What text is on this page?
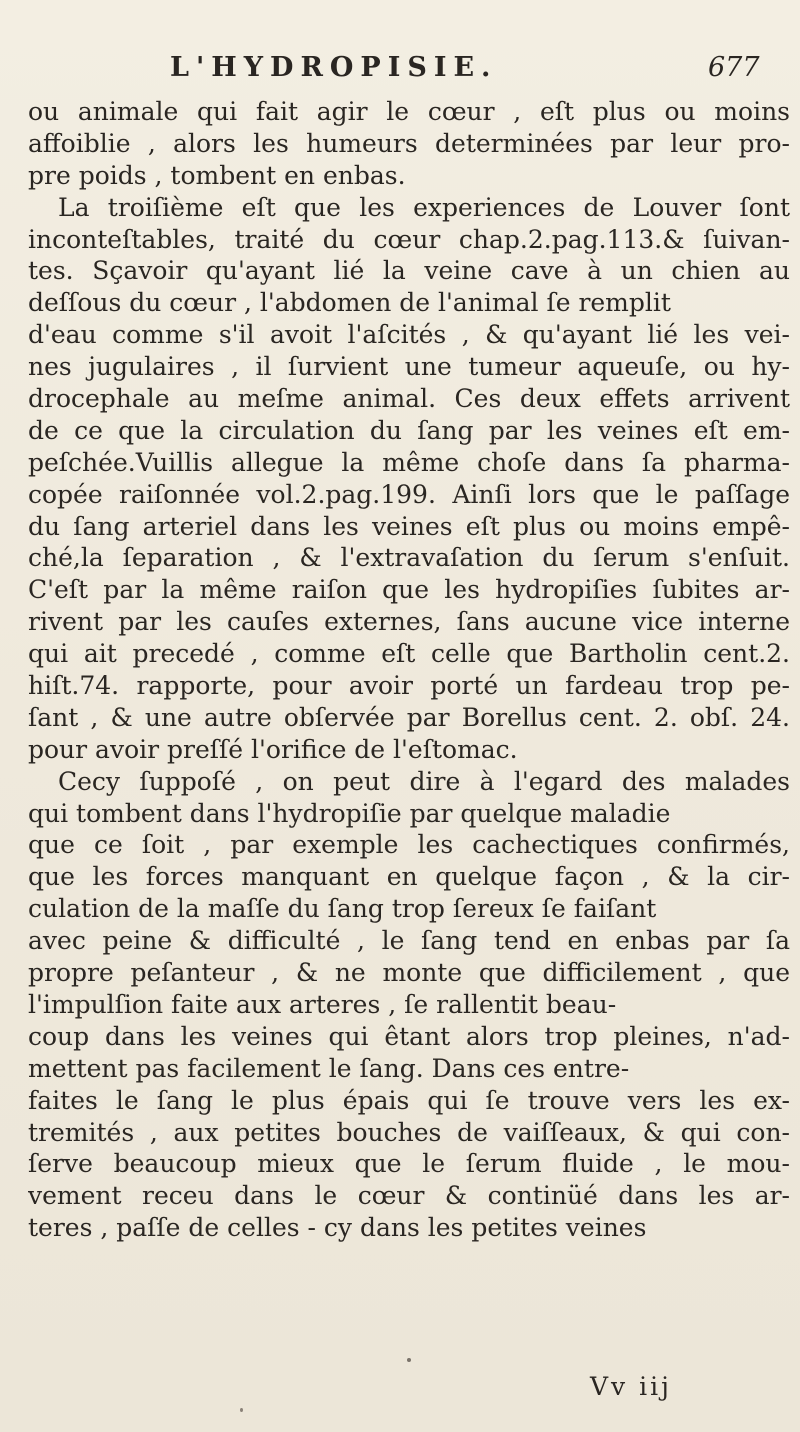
L'HYDROPISIE.	677
ou animale qui fait agir le cœur , eſt plus ou moins
affoiblie , alors les humeurs determinées par leur pro-
pre poids , tombent en enbas.
La troiſième eſt que les experiences de Louver ſont
inconteſtables, traité du cœur chap.2.pag.113.& ſuivan-
tes. Sçavoir qu'ayant lié la veine cave à un chien au
deſſous du cœur , l'abdomen de l'animal ſe remplit
d'eau comme s'il avoit l'aſcités , & qu'ayant lié les vei-
nes jugulaires , il ſurvient une tumeur aqueuſe, ou hy-
drocephale au meſme animal. Ces deux effets arrivent
de ce que la circulation du ſang par les veines eſt em-
peſchée.Vuillis allegue la même choſe dans ſa pharma-
copée raiſonnée vol.2.pag.199. Ainſi lors que le paſſage
du ſang arteriel dans les veines eſt plus ou moins empê-
ché,la ſeparation , & l'extravaſation du ſerum s'enſuit.
C'eſt par la même raiſon que les hydropiſies ſubites ar-
rivent par les cauſes externes, ſans aucune vice interne
qui ait precedé , comme eſt celle que Bartholin cent.2.
hiſt.74. rapporte, pour avoir porté un fardeau trop pe-
ſant , & une autre obſervée par Borellus cent. 2. obſ. 24.
pour avoir preſſé l'orifice de l'eſtomac.
Cecy ſuppoſé , on peut dire à l'egard des malades
qui tombent dans l'hydropiſie par quelque maladie
que ce ſoit , par exemple les cacheсtiques confirmés,
que les forces manquant en quelque façon , & la cir-
culation de la maſſe du ſang trop ſereux ſe faiſant
avec peine & difficulté , le ſang tend en enbas par ſa
propre peſanteur , & ne monte que difficilement , que
l'impulſion faite aux arteres , ſe rallentit beau-
coup dans les veines qui êtant alors trop pleines, n'ad-
mettent pas facilement le ſang. Dans ces entre-
faites le ſang le plus épais qui ſe trouve vers les ex-
tremités , aux petites bouches de vaiſſeaux, & qui con-
ſerve beaucoup mieux que le ſerum fluide , le mou-
vement receu dans le cœur & continüé dans les ar-
teres , paſſe de celles - cy dans les petites veines
Vv iij
